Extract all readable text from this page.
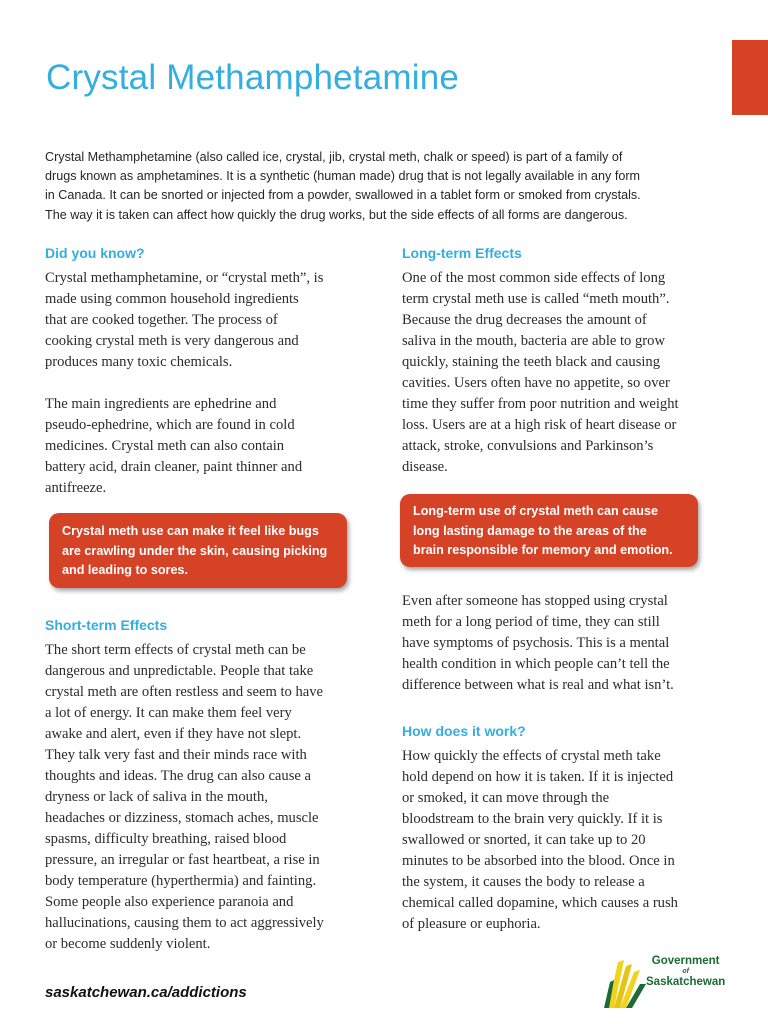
Crystal Methamphetamine
Crystal Methamphetamine (also called ice, crystal, jib, crystal meth, chalk or speed) is part of a family of
drugs known as amphetamines. It is a synthetic (human made) drug that is not legally available in any form
in Canada. It can be snorted or injected from a powder, swallowed in a tablet form or smoked from crystals.
The way it is taken can affect how quickly the drug works, but the side effects of all forms are dangerous.
Did you know?
Crystal methamphetamine, or “crystal meth”, is
made using common household ingredients
that are cooked together. The process of
cooking crystal meth is very dangerous and
produces many toxic chemicals.
The main ingredients are ephedrine and
pseudo-ephedrine, which are found in cold
medicines. Crystal meth can also contain
battery acid, drain cleaner, paint thinner and
antifreeze.
Crystal meth use can make it feel like bugs
are crawling under the skin, causing picking
and leading to sores.
Short-term Effects
The short term effects of crystal meth can be
dangerous and unpredictable. People that take
crystal meth are often restless and seem to have
a lot of energy. It can make them feel very
awake and alert, even if they have not slept.
They talk very fast and their minds race with
thoughts and ideas. The drug can also cause a
dryness or lack of saliva in the mouth,
headaches or dizziness, stomach aches, muscle
spasms, difficulty breathing, raised blood
pressure, an irregular or fast heartbeat, a rise in
body temperature (hyperthermia) and fainting.
Some people also experience paranoia and
hallucinations, causing them to act aggressively
or become suddenly violent.
Long-term Effects
One of the most common side effects of long
term crystal meth use is called “meth mouth”.
Because the drug decreases the amount of
saliva in the mouth, bacteria are able to grow
quickly, staining the teeth black and causing
cavities. Users often have no appetite, so over
time they suffer from poor nutrition and weight
loss. Users are at a high risk of heart disease or
attack, stroke, convulsions and Parkinson’s
disease.
Long-term use of crystal meth can cause
long lasting damage to the areas of the
brain responsible for memory and emotion.
Even after someone has stopped using crystal
meth for a long period of time, they can still
have symptoms of psychosis. This is a mental
health condition in which people can’t tell the
difference between what is real and what isn’t.
How does it work?
How quickly the effects of crystal meth take
hold depend on how it is taken. If it is injected
or smoked, it can move through the
bloodstream to the brain very quickly. If it is
swallowed or snorted, it can take up to 20
minutes to be absorbed into the blood. Once in
the system, it causes the body to release a
chemical called dopamine, which causes a rush
of pleasure or euphoria.
saskatchewan.ca/addictions
Government
of
Saskatchewan
